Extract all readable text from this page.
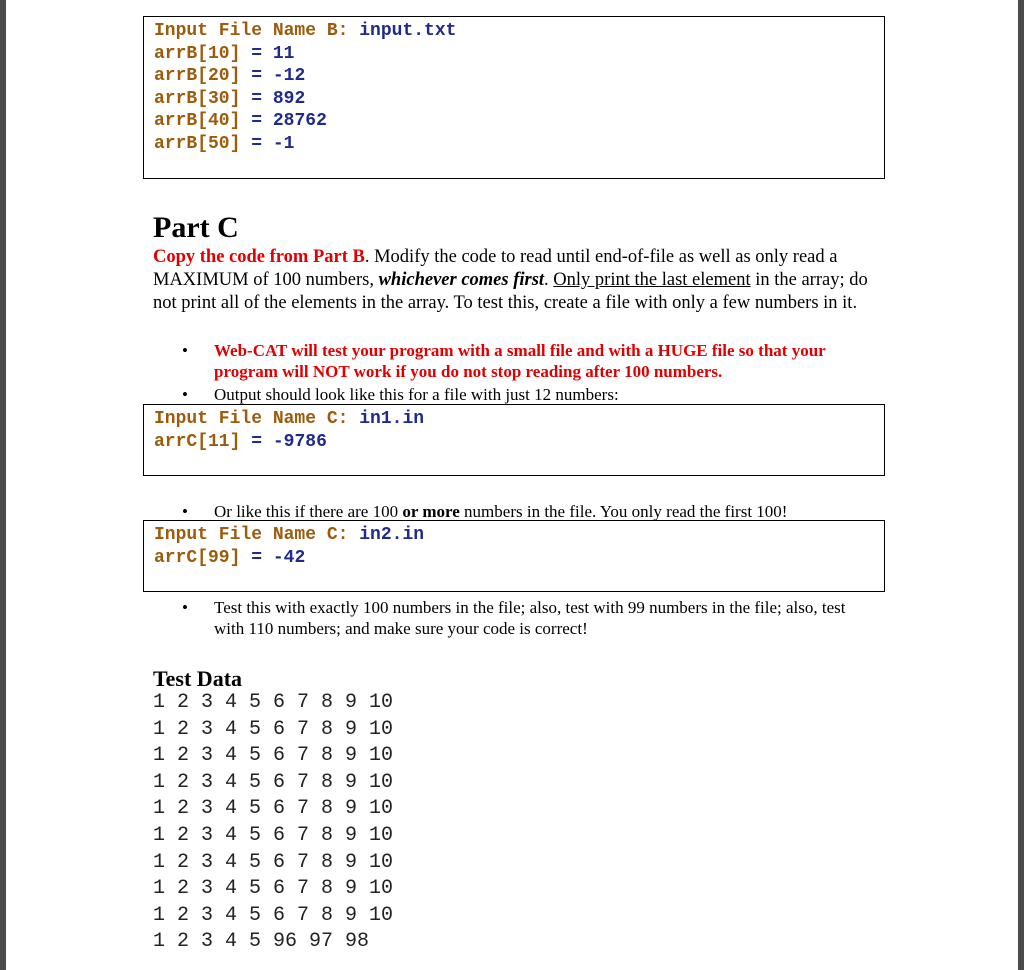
Input File Name B: input.txt
arrB[10] = 11
arrB[20] = -12
arrB[30] = 892
arrB[40] = 28762
arrB[50] = -1
Part C
Copy the code from Part B. Modify the code to read until end-of-file as well as only read a MAXIMUM of 100 numbers, whichever comes first. Only print the last element in the array; do not print all of the elements in the array. To test this, create a file with only a few numbers in it.
• Web-CAT will test your program with a small file and with a HUGE file so that your program will NOT work if you do not stop reading after 100 numbers.
• Output should look like this for a file with just 12 numbers:
Input File Name C: in1.in
arrC[11] = -9786
• Or like this if there are 100 or more numbers in the file. You only read the first 100!
Input File Name C: in2.in
arrC[99] = -42
• Test this with exactly 100 numbers in the file; also, test with 99 numbers in the file; also, test with 110 numbers; and make sure your code is correct!
Test Data
1 2 3 4 5 6 7 8 9 10
1 2 3 4 5 6 7 8 9 10
1 2 3 4 5 6 7 8 9 10
1 2 3 4 5 6 7 8 9 10
1 2 3 4 5 6 7 8 9 10
1 2 3 4 5 6 7 8 9 10
1 2 3 4 5 6 7 8 9 10
1 2 3 4 5 6 7 8 9 10
1 2 3 4 5 6 7 8 9 10
1 2 3 4 5 96 97 98
